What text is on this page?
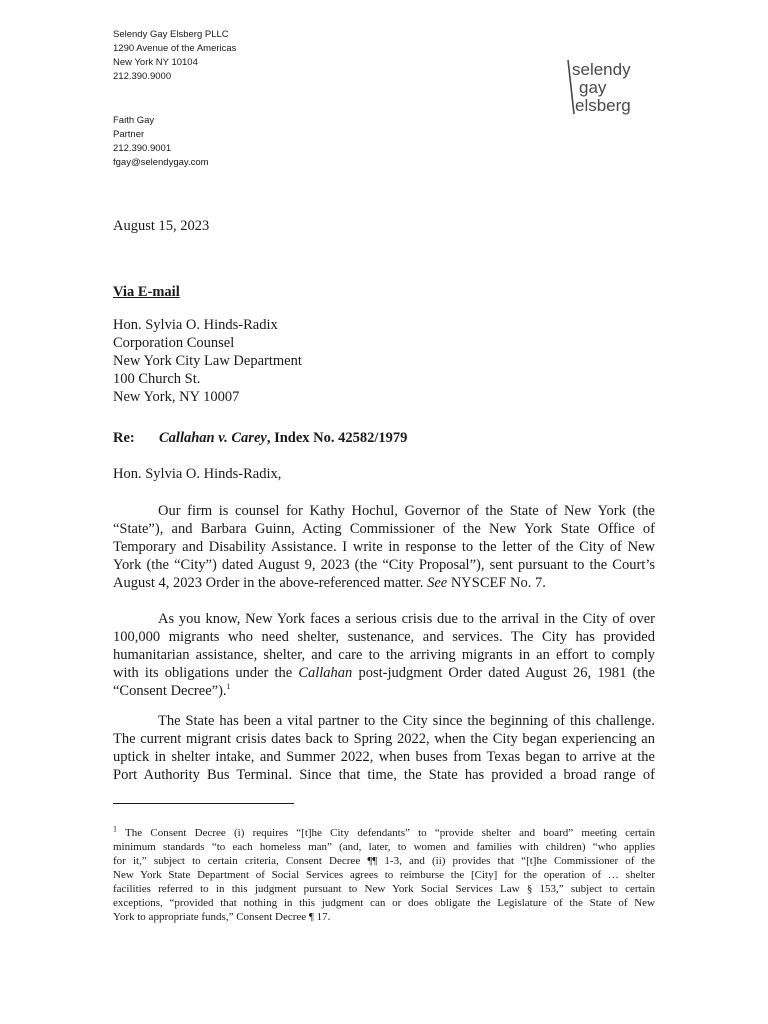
Selendy Gay Elsberg PLLC
1290 Avenue of the Americas
New York NY 10104
212.390.9000	selendy
gay
elsberg
Faith Gay
Partner
212.390.9001
fgay@selendygay.com
August 15, 2023
Via E-mail
Hon. Sylvia O. Hinds-Radix
Corporation Counsel
New York City Law Department
100 Church St.
New York, NY 10007
Re: Callahan v. Carey, Index No. 42582/1979
Hon. Sylvia O. Hinds-Radix,
Our firm is counsel for Kathy Hochul, Governor of the State of New York (the
“State”), and Barbara Guinn, Acting Commissioner of the New York State Office of
Temporary and Disability Assistance. I write in response to the letter of the City of New
York (the “City”) dated August 9, 2023 (the “City Proposal”), sent pursuant to the Court’s
August 4, 2023 Order in the above-referenced matter. See NYSCEF No. 7.
As you know, New York faces a serious crisis due to the arrival in the City of over
100,000 migrants who need shelter, sustenance, and services. The City has provided
humanitarian assistance, shelter, and care to the arriving migrants in an effort to comply
with its obligations under the Callahan post-judgment Order dated August 26, 1981 (the
“Consent Decree”).$^1$
The State has been a vital partner to the City since the beginning of this challenge.
The current migrant crisis dates back to Spring 2022, when the City began experiencing an
uptick in shelter intake, and Summer 2022, when buses from Texas began to arrive at the
Port Authority Bus Terminal. Since that time, the State has provided a broad range of
$^1$ The Consent Decree (i) requires “[t]he City defendants” to “provide shelter and board” meeting certain
minimum standards “to each homeless man” (and, later, to women and families with children) “who applies
for it,” subject to certain criteria, Consent Decree ¶¶ 1-3, and (ii) provides that “[t]he Commissioner of the
New York State Department of Social Services agrees to reimburse the [City] for the operation of … shelter
facilities referred to in this judgment pursuant to New York Social Services Law § 153,” subject to certain
exceptions, “provided that nothing in this judgment can or does obligate the Legislature of the State of New
York to appropriate funds,” Consent Decree ¶ 17.
